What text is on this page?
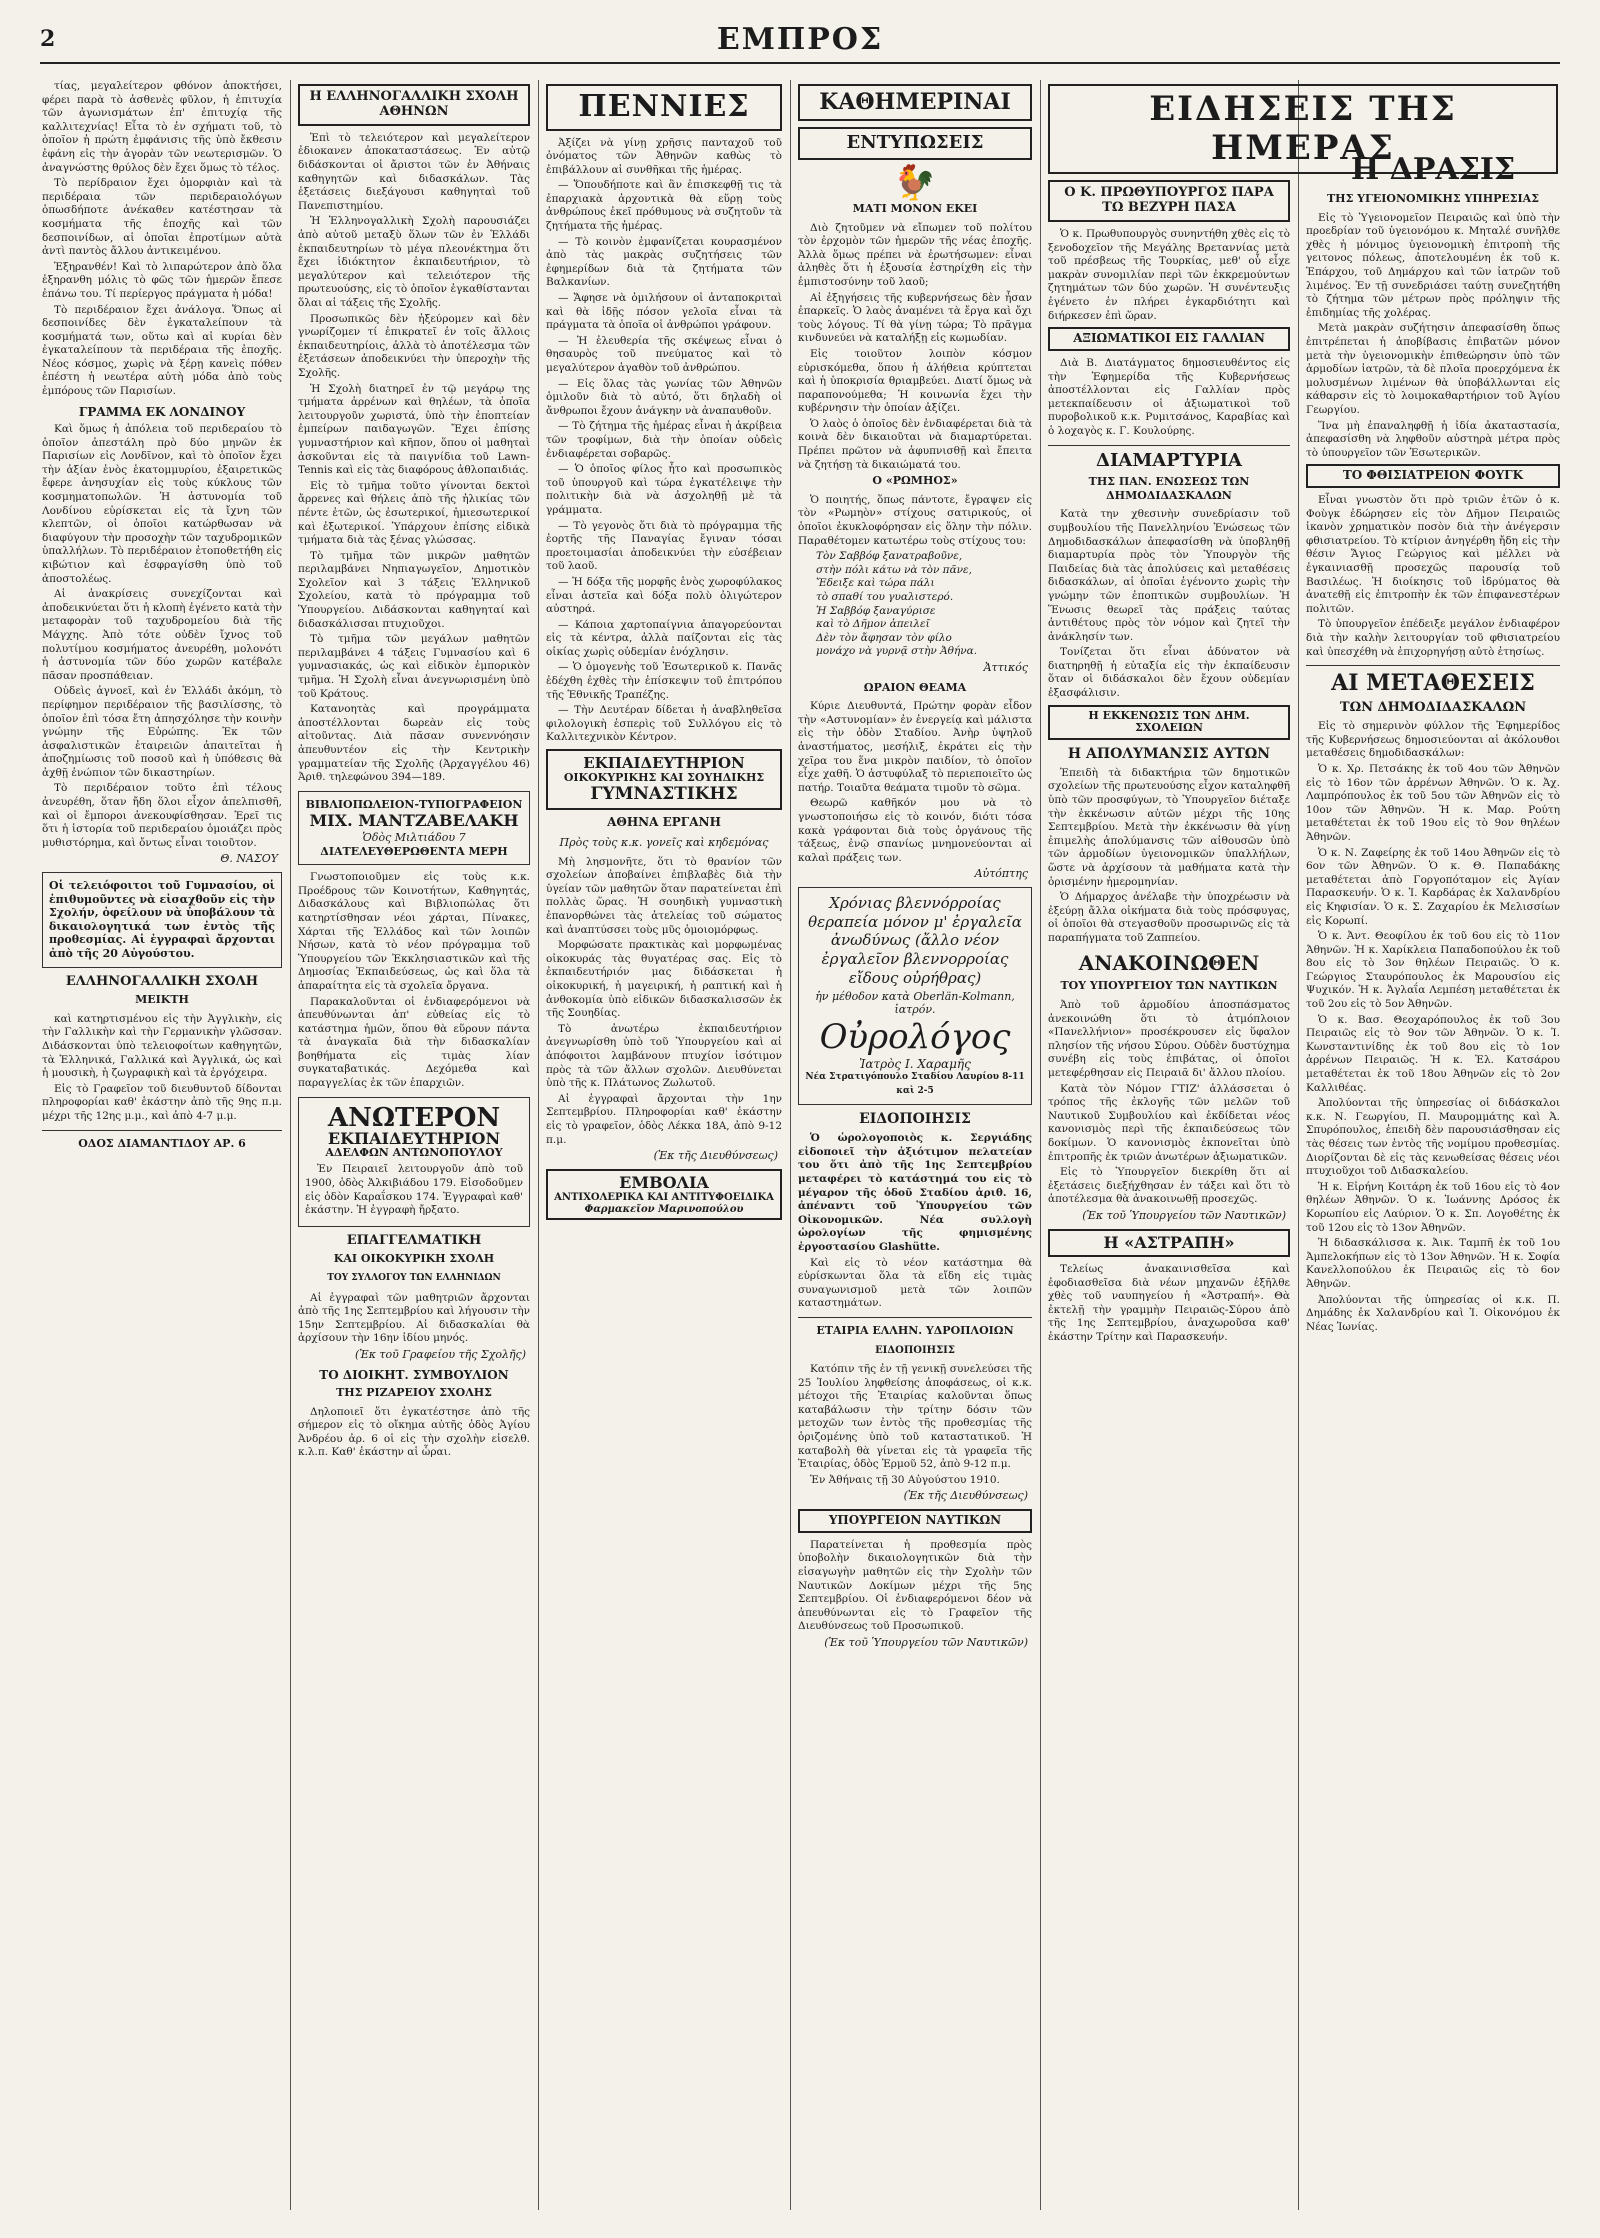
2	ΕΜΠΡΟΣ

τίας, μεγαλείτερον φθόνον ἀποκτήσει, φέρει παρὰ τὸ ἀσθενὲς φῦλον, ἡ ἐπιτυχία τῶν ἀγωνισμάτων ἐπ' ἐπιτυχίᾳ τῆς καλλιτεχνίας! Εἶτα τὸ ἐν σχήματι τοῦ, τὸ ὁποῖον ἡ πρώτη ἐμφάνισις τῆς ὑπὸ ἔκθεσιν ἐφάνη εἰς τὴν ἀγορὰν τῶν νεωτερισμῶν. Ὁ ἀναγνώστης θρύλος δὲν ἔχει ὅμως τὸ τέλος.

Τὸ περίδραιον ἔχει ὁμορφιὰν καὶ τὰ περιδέραια τῶν περιδεραιολόγων ὁπωσδήποτε ἀνέκαθεν κατέστησαν τὰ κοσμήματα τῆς ἐποχῆς καὶ τῶν δεσποινίδων, αἱ ὁποῖαι ἐπροτίμων αὐτὰ ἀντὶ παντὸς ἄλλου ἀντικειμένου.

Ἐξηρανθέν! Καὶ τὸ λιπαρώτερον ἀπὸ ὅλα ἐξηρανθη μόλις τὸ φῶς τῶν ἡμερῶν ἔπεσε ἐπάνω του. Τί περίεργος πράγματα ἡ μόδα!

Τὸ περιδέραιον ἔχει ἀνάλογα. Ὅπως αἱ δεσποινίδες δὲν ἐγκαταλείπουν τὰ κοσμήματά των, οὕτω καὶ αἱ κυρίαι δὲν ἐγκαταλείπουν τὰ περιδέραια τῆς ἐποχῆς. Νέος κόσμος, χωρὶς νὰ ξέρῃ κανεὶς πόθεν ἐπέστη ἡ νεωτέρα αὐτὴ μόδα ἀπὸ τοὺς ἐμπόρους τῶν Παρισίων.

ΓΡΑΜΜΑ ΕΚ ΛΟΝΔΙΝΟΥ

Καὶ ὅμως ἡ ἀπόλεια τοῦ περιδεραίου τὸ ὁποῖον ἀπεστάλη πρὸ δύο μηνῶν ἐκ Παρισίων εἰς Λονδῖνον, καὶ τὸ ὁποῖον ἔχει τὴν ἀξίαν ἑνὸς ἑκατομμυρίου, ἐξαιρετικῶς ἔφερε ἀνησυχίαν εἰς τοὺς κύκλους τῶν κοσμηματοπωλῶν. Ἡ ἀστυνομία τοῦ Λονδίνου εὑρίσκεται εἰς τὰ ἴχνη τῶν κλεπτῶν, οἱ ὁποῖοι κατώρθωσαν νὰ διαφύγουν τὴν προσοχὴν τῶν ταχυδρομικῶν ὑπαλλήλων. Τὸ περιδέραιον ἐτοποθετήθη εἰς κιβώτιον καὶ ἐσφραγίσθη ὑπὸ τοῦ ἀποστολέως.

Αἱ ἀνακρίσεις συνεχίζονται καὶ ἀποδεικνύεται ὅτι ἡ κλοπὴ ἐγένετο κατὰ τὴν μεταφορὰν τοῦ ταχυδρομείου διὰ τῆς Μάγχης. Ἀπὸ τότε οὐδὲν ἴχνος τοῦ πολυτίμου κοσμήματος ἀνευρέθη, μολονότι ἡ ἀστυνομία τῶν δύο χωρῶν κατέβαλε πᾶσαν προσπάθειαν.

Οὐδεὶς ἀγνοεῖ, καὶ ἐν Ἑλλάδι ἀκόμη, τὸ περίφημον περιδέραιον τῆς βασιλίσσης, τὸ ὁποῖον ἐπὶ τόσα ἔτη ἀπησχόλησε τὴν κοινὴν γνώμην τῆς Εὐρώπης. Ἐκ τῶν ἀσφαλιστικῶν ἑταιρειῶν ἀπαιτεῖται ἡ ἀποζημίωσις τοῦ ποσοῦ καὶ ἡ ὑπόθεσις θὰ ἀχθῇ ἐνώπιον τῶν δικαστηρίων.

Τὸ περιδέραιον τοῦτο ἐπὶ τέλους ἀνευρέθη, ὅταν ἤδη ὅλοι εἶχον ἀπελπισθῆ, καὶ οἱ ἔμποροι ἀνεκουφίσθησαν. Ἐρεῖ τις ὅτι ἡ ἱστορία τοῦ περιδεραίου ὁμοιάζει πρὸς μυθιστόρημα, καὶ ὄντως εἶναι τοιοῦτον.

Θ. ΝΑΣΟΥ
Οἱ τελειόφοιτοι τοῦ Γυμνασίου, οἱ ἐπιθυμοῦντες νὰ εἰσαχθοῦν εἰς τὴν Σχολήν, ὀφείλουν νὰ ὑποβάλουν τὰ δικαιολογητικά των ἐντὸς τῆς προθεσμίας. Αἱ ἐγγραφαὶ ἄρχονται ἀπὸ τῆς 20 Αὐγούστου.
ΕΛΛΗΝΟΓΑΛΛΙΚΗ ΣΧΟΛΗ
ΜΕΙΚΤΗ

καὶ κατηρτισμένου εἰς τὴν Ἀγγλικὴν, εἰς τὴν Γαλλικὴν καὶ τὴν Γερμανικὴν γλῶσσαν. Διδάσκονται ὑπὸ τελειοφοίτων καθηγητῶν, τὰ Ἑλληνικά, Γαλλικά καὶ Ἀγγλικά, ὡς καὶ ἡ μουσικὴ, ἡ ζωγραφικὴ καὶ τὰ ἐργόχειρα.

Εἰς τὸ Γραφεῖον τοῦ διευθυντοῦ δίδονται πληροφορίαι καθ' ἑκάστην ἀπὸ τῆς 9ης π.μ. μέχρι τῆς 12ης μ.μ., καὶ ἀπὸ 4-7 μ.μ.

ΟΔΟΣ ΔΙΑΜΑΝΤΙΔΟΥ ΑΡ. 6
Η ΕΛΛΗΝΟΓΑΛΛΙΚΗ ΣΧΟΛΗ ΑΘΗΝΩΝ

Ἐπὶ τὸ τελειότερον καὶ μεγαλείτερον ἐδιοκανεν ἀποκαταστάσεως. Ἐν αὐτῷ διδάσκονται οἱ ἄριστοι τῶν ἐν Ἀθήναις καθηγητῶν καὶ διδασκάλων. Τὰς ἐξετάσεις διεξάγουσι καθηγηταὶ τοῦ Πανεπιστημίου.

Ἡ Ἑλληνογαλλικὴ Σχολὴ παρουσιάζει ἀπὸ αὐτοῦ μεταξὺ ὅλων τῶν ἐν Ἑλλάδι ἐκπαιδευτηρίων τὸ μέγα πλεονέκτημα ὅτι ἔχει ἰδιόκτητον ἐκπαιδευτήριον, τὸ μεγαλύτερον καὶ τελειότερον τῆς πρωτευούσης, εἰς τὸ ὁποῖον ἐγκαθίστανται ὅλαι αἱ τάξεις τῆς Σχολῆς.

Προσωπικῶς δὲν ἠξεύρομεν καὶ δὲν γνωρίζομεν τί ἐπικρατεῖ ἐν τοῖς ἄλλοις ἐκπαιδευτηρίοις, ἀλλὰ τὸ ἀποτέλεσμα τῶν ἐξετάσεων ἀποδεικνύει τὴν ὑπεροχὴν τῆς Σχολῆς.

Ἡ Σχολὴ διατηρεῖ ἐν τῷ μεγάρῳ της τμήματα ἀρρένων καὶ θηλέων, τὰ ὁποῖα λειτουργοῦν χωριστά, ὑπὸ τὴν ἐποπτείαν ἐμπείρων παιδαγωγῶν. Ἔχει ἐπίσης γυμναστήριον καὶ κῆπον, ὅπου οἱ μαθηταὶ ἀσκοῦνται εἰς τὰ παιγνίδια τοῦ Lawn-Tennis καὶ εἰς τὰς διαφόρους ἀθλοπαιδιάς.

Εἰς τὸ τμῆμα τοῦτο γίνονται δεκτοὶ ἄρρενες καὶ θήλεις ἀπὸ τῆς ἡλικίας τῶν πέντε ἐτῶν, ὡς ἐσωτερικοί, ἡμιεσωτερικοί καὶ ἐξωτερικοί. Ὑπάρχουν ἐπίσης εἰδικὰ τμήματα διὰ τὰς ξένας γλώσσας.

Τὸ τμῆμα τῶν μικρῶν μαθητῶν περιλαμβάνει Νηπιαγωγεῖον, Δημοτικὸν Σχολεῖον καὶ 3 τάξεις Ἑλληνικοῦ Σχολείου, κατὰ τὸ πρόγραμμα τοῦ Ὑπουργείου. Διδάσκονται καθηγηταί καὶ διδασκάλισσαι πτυχιοῦχοι.

Τὸ τμῆμα τῶν μεγάλων μαθητῶν περιλαμβάνει 4 τάξεις Γυμνασίου καὶ 6 γυμνασιακάς, ὡς καὶ εἰδικὸν ἐμπορικὸν τμῆμα. Ἡ Σχολὴ εἶναι ἀνεγνωρισμένη ὑπὸ τοῦ Κράτους.

Κατανοητὰς καὶ προγράμματα ἀποστέλλονται δωρεὰν εἰς τοὺς αἰτοῦντας. Διὰ πᾶσαν συνεννόησιν ἀπευθυντέον εἰς τὴν Κεντρικὴν γραμματείαν τῆς Σχολῆς (Ἀρχαγγέλου 46) Ἀριθ. τηλεφώνου 394—189.

ΒΙΒΛΙΟΠΩΛΕΙΟΝ-ΤΥΠΟΓΡΑΦΕΙΟΝ
ΜΙΧ. ΜΑΝΤΖΑΒΕΛΑΚΗ
Ὁδὸς Μιλτιάδου 7
ΔΙΑΤΕΛΕΥΘΕΡΩΘΕΝΤΑ ΜΕΡΗ

Γνωστοποιοῦμεν εἰς τοὺς κ.κ. Προέδρους τῶν Κοινοτήτων, Καθηγητάς, Διδασκάλους καὶ Βιβλιοπώλας ὅτι κατηρτίσθησαν νέοι χάρται, Πίνακες, Χάρται τῆς Ἑλλάδος καὶ τῶν λοιπῶν Νήσων, κατὰ τὸ νέον πρόγραμμα τοῦ Ὑπουργείου τῶν Ἐκκλησιαστικῶν καὶ τῆς Δημοσίας Ἐκπαιδεύσεως, ὡς καὶ ὅλα τὰ ἀπαραίτητα εἰς τὰ σχολεῖα ὄργανα.

Παρακαλοῦνται οἱ ἐνδιαφερόμενοι νὰ ἀπευθύνωνται ἀπ' εὐθείας εἰς τὸ κατάστημα ἡμῶν, ὅπου θὰ εὕρουν πάντα τὰ ἀναγκαῖα διὰ τὴν διδασκαλίαν βοηθήματα εἰς τιμὰς λίαν συγκαταβατικάς. Δεχόμεθα καὶ παραγγελίας ἐκ τῶν ἐπαρχιῶν.

ΑΝΩΤΕΡΟΝ
ΕΚΠΑΙΔΕΥΤΗΡΙΟΝ
ΑΔΕΛΦΩΝ ΑΝΤΩΝΟΠΟΥΛΟΥ

Ἐν Πειραιεῖ λειτουργοῦν ἀπὸ τοῦ 1900, ὁδὸς Ἀλκιβιάδου 179. Εἰσοδοῦμεν εἰς ὁδὸν Καραΐσκου 174. Ἐγγραφαὶ καθ' ἑκάστην. Ἡ ἐγγραφὴ ἤρξατο.

ΕΠΑΓΓΕΛΜΑΤΙΚΗ
ΚΑΙ ΟΙΚΟΚΥΡΙΚΗ ΣΧΟΛΗ
ΤΟΥ ΣΥΛΛΟΓΟΥ ΤΩΝ ΕΛΛΗΝΙΔΩΝ

Αἱ ἐγγραφαὶ τῶν μαθητριῶν ἄρχονται ἀπὸ τῆς 1ης Σεπτεμβρίου καὶ λήγουσιν τὴν 15ην Σεπτεμβρίου. Αἱ διδασκαλίαι θὰ ἀρχίσουν τὴν 16ην ἰδίου μηνός.

(Ἐκ τοῦ Γραφείου τῆς Σχολῆς)
ΤΟ ΔΙΟΙΚΗΤ. ΣΥΜΒΟΥΛΙΟΝ
ΤΗΣ ΡΙΖΑΡΕΙΟΥ ΣΧΟΛΗΣ

Δηλοποιεῖ ὅτι ἐγκατέστησε ἀπὸ τῆς σήμερον εἰς τὸ οἴκημα αὐτῆς ὁδὸς Ἀγίου Ἀνδρέου ἀρ. 6 οἱ εἰς τὴν σχολὴν εἰσελθ. κ.λ.π. Καθ' ἑκάστην αἱ ὧραι.

ΠΕΝΝΙΕΣ

Ἀξίζει νὰ γίνῃ χρῆσις πανταχοῦ τοῦ ὀνόματος τῶν Ἀθηνῶν καθὼς τὸ ἐπιβάλλουν αἱ συνθῆκαι τῆς ἡμέρας.

— Ὅπουδήποτε καὶ ἂν ἐπισκεφθῇ τις τὰ ἐπαρχιακὰ ἀρχοντικὰ θὰ εὕρῃ τοὺς ἀνθρώπους ἐκεῖ πρόθυμους νὰ συζητοῦν τὰ ζητήματα τῆς ἡμέρας.

— Τὸ κοινὸν ἐμφανίζεται κουρασμένον ἀπὸ τὰς μακρὰς συζητήσεις τῶν ἐφημερίδων διὰ τὰ ζητήματα τῶν Βαλκανίων.

— Ἄφησε νὰ ὁμιλήσουν οἱ ἀνταποκριταὶ καὶ θὰ ἰδῇς πόσον γελοῖα εἶναι τὰ πράγματα τὰ ὁποῖα οἱ ἀνθρώποι γράφουν.

— Ἡ ἐλευθερία τῆς σκέψεως εἶναι ὁ θησαυρὸς τοῦ πνεύματος καὶ τὸ μεγαλύτερον ἀγαθὸν τοῦ ἀνθρώπου.

— Εἰς ὅλας τὰς γωνίας τῶν Ἀθηνῶν ὁμιλοῦν διὰ τὸ αὐτό, ὅτι δηλαδὴ οἱ ἄνθρωποι ἔχουν ἀνάγκην νὰ ἀναπαυθοῦν.

— Τὸ ζήτημα τῆς ἡμέρας εἶναι ἡ ἀκρίβεια τῶν τροφίμων, διὰ τὴν ὁποίαν οὐδεὶς ἐνδιαφέρεται σοβαρῶς.

— Ὁ ὁποῖος φίλος ἦτο καὶ προσωπικὸς τοῦ ὑπουργοῦ καὶ τώρα ἐγκατέλειψε τὴν πολιτικὴν διὰ νὰ ἀσχοληθῇ μὲ τὰ γράμματα.

— Τὸ γεγονὸς ὅτι διὰ τὸ πρόγραμμα τῆς ἑορτῆς τῆς Παναγίας ἔγιναν τόσαι προετοιμασίαι ἀποδεικνύει τὴν εὐσέβειαν τοῦ λαοῦ.

— Ἡ δόξα τῆς μορφῆς ἑνὸς χωροφύλακος εἶναι ἀστεῖα καὶ δόξα πολὺ ὀλιγώτερον αὐστηρά.

— Κάποια χαρτοπαίγνια ἀπαγορεύονται εἰς τὰ κέντρα, ἀλλὰ παίζονται εἰς τὰς οἰκίας χωρὶς οὐδεμίαν ἐνόχλησιν.

— Ὁ ὁμογενὴς τοῦ Ἐσωτερικοῦ κ. Πανᾶς ἐδέχθη ἐχθὲς τὴν ἐπίσκεψιν τοῦ ἐπιτρόπου τῆς Ἐθνικῆς Τραπέζης.

— Τὴν Δευτέραν δίδεται ἡ ἀναβληθεῖσα φιλολογικὴ ἑσπερὶς τοῦ Συλλόγου εἰς τὸ Καλλιτεχνικὸν Κέντρον.

ΕΚΠΑΙΔΕΥΤΗΡΙΟΝ
ΟΙΚΟΚΥΡΙΚΗΣ ΚΑΙ ΣΟΥΗΔΙΚΗΣ
ΓΥΜΝΑΣΤΙΚΗΣ
ΑΘΗΝΑ ΕΡΓΑΝΗ
Πρὸς τοὺς κ.κ. γονεῖς καὶ κηδεμόνας

Μὴ λησμονῆτε, ὅτι τὸ θρανίον τῶν σχολείων ἀποβαίνει ἐπιβλαβὲς διὰ τὴν ὑγείαν τῶν μαθητῶν ὅταν παρατείνεται ἐπὶ πολλὰς ὥρας. Ἡ σουηδικὴ γυμναστικὴ ἐπανορθώνει τὰς ἀτελείας τοῦ σώματος καὶ ἀναπτύσσει τοὺς μῦς ὁμοιομόρφως.

Μορφώσατε πρακτικὰς καὶ μορφωμένας οἰκοκυράς τὰς θυγατέρας σας. Εἰς τὸ ἐκπαιδευτήριόν μας διδάσκεται ἡ οἰκοκυρική, ἡ μαγειρική, ἡ ραπτική καὶ ἡ ἀνθοκομία ὑπὸ εἰδικῶν διδασκαλισσῶν ἐκ τῆς Σουηδίας.

Τὸ ἀνωτέρω ἐκπαιδευτήριον ἀνεγνωρίσθη ὑπὸ τοῦ Ὑπουργείου καὶ αἱ ἀπόφοιτοι λαμβάνουν πτυχίον ἰσότιμον πρὸς τὰ τῶν ἄλλων σχολῶν. Διευθύνεται ὑπὸ τῆς κ. Πλάτωνος Ζωλωτοῦ.

Αἱ ἐγγραφαὶ ἄρχονται τὴν 1ην Σεπτεμβρίου. Πληροφορίαι καθ' ἑκάστην εἰς τὸ γραφεῖον, ὁδὸς Λέκκα 18Α, ἀπὸ 9-12 π.μ.

(Ἐκ τῆς Διευθύνσεως)
ΕΜΒΟΛΙΑ
ΑΝΤΙΧΟΛΕΡΙΚΑ ΚΑΙ ΑΝΤΙΤΥΦΟΕΙΔΙΚΑ
Φαρμακεῖον Μαρινοπούλου
ΚΑΘΗΜΕΡΙΝΑΙ
ΕΝΤΥΠΩΣΕΙΣ
🐓
ΜΑΤΙ ΜΟΝΟΝ ΕΚΕΙ

Διὸ ζητοῦμεν νὰ εἴπωμεν τοῦ πολίτου τὸν ἐρχομὸν τῶν ἡμερῶν τῆς νέας ἐποχῆς. Ἀλλὰ ὅμως πρέπει νὰ ἐρωτήσωμεν: εἶναι ἀληθὲς ὅτι ἡ ἐξουσία ἐστηρίχθη εἰς τὴν ἐμπιστοσύνην τοῦ λαοῦ;

Αἱ ἐξηγήσεις τῆς κυβερνήσεως δὲν ἦσαν ἐπαρκεῖς. Ὁ λαὸς ἀναμένει τὰ ἔργα καὶ ὄχι τοὺς λόγους. Τί θὰ γίνῃ τώρα; Τὸ πρᾶγμα κινδυνεύει νὰ καταλήξῃ εἰς κωμωδίαν.

Εἰς τοιοῦτον λοιπὸν κόσμον εὑρισκόμεθα, ὅπου ἡ ἀλήθεια κρύπτεται καὶ ἡ ὑποκρισία θριαμβεύει. Διατί ὅμως νὰ παραπονούμεθα; Ἡ κοινωνία ἔχει τὴν κυβέρνησιν τὴν ὁποίαν ἀξίζει.

Ὁ λαὸς ὁ ὁποῖος δὲν ἐνδιαφέρεται διὰ τὰ κοινὰ δὲν δικαιοῦται νὰ διαμαρτύρεται. Πρέπει πρῶτον νὰ ἀφυπνισθῇ καὶ ἔπειτα νὰ ζητήσῃ τὰ δικαιώματά του.

Ο «ΡΩΜΗΟΣ»

Ὁ ποιητής, ὅπως πάντοτε, ἔγραψεν εἰς τὸν «Ρωμηὸν» στίχους σατιρικούς, οἱ ὁποῖοι ἐκυκλοφόρησαν εἰς ὅλην τὴν πόλιν. Παραθέτομεν κατωτέρω τοὺς στίχους του:

Τὸν Σαββόφ ξανατραβοῦνε,
στὴν πόλι κάτω νὰ τὸν πᾶνε,
Ἔδειξε καὶ τώρα πάλι
τὸ σπαθί του γυαλιστερό.
Ἡ Σαββόφ ξαναγύρισε
καὶ τὸ Δῆμον ἀπειλεῖ
Δὲν τὸν ἄφησαν τὸν φίλο
μονάχο νὰ γυρνᾷ στὴν Ἀθήνα.
Ἀττικός
ΩΡΑΙΟΝ ΘΕΑΜΑ

Κύριε Διευθυντά, Πρώτην φορὰν εἶδον τὴν «Αστυνομίαν» ἐν ἐνεργείᾳ καὶ μάλιστα εἰς τὴν ὁδὸν Σταδίου. Ἀνὴρ ὑψηλοῦ ἀναστήματος, μεσήλιξ, ἐκράτει εἰς τὴν χεῖρα του ἕνα μικρὸν παιδίον, τὸ ὁποῖον εἶχε χαθῆ. Ὁ ἀστυφύλαξ τὸ περιεποιεῖτο ὡς πατήρ. Τοιαῦτα θεάματα τιμοῦν τὸ σῶμα.

Θεωρῶ καθῆκόν μου νὰ τὸ γνωστοποιήσω εἰς τὸ κοινόν, διότι τόσα κακὰ γράφονται διὰ τοὺς ὀργάνους τῆς τάξεως, ἐνῷ σπανίως μνημονεύονται αἱ καλαὶ πράξεις των.

Αὐτόπτης
Χρόνιας βλεννόρροίας θεραπεία μόνον μ' ἐργαλεῖα ἀνωδύνως (ἄλλο νέον ἐργαλεῖον βλεννορροίας εἴδους οὐρήθρας)
ἡν μέθοδον κατὰ Oberlän-Kolmann, ἰατρόν.
Οὐρολόγος
Ἰατρὸς Ι. Χαραμῆς
Νέα Στρατιγόπουλο Σταδίου Λαυρίου 8-11 καὶ 2-5
ΕΙΔΟΠΟΙΗΣΙΣ

Ὁ ὡρολογοποιὸς κ. Σεργιάδης εἰδοποιεῖ τὴν ἀξιότιμον πελατείαν του ὅτι ἀπὸ τῆς 1ης Σεπτεμβρίου μεταφέρει τὸ κατάστημά του εἰς τὸ μέγαρον τῆς ὁδοῦ Σταδίου ἀριθ. 16, ἀπέναντι τοῦ Ὑπουργείου τῶν Οἰκονομικῶν. Νέα συλλογὴ ὡρολογίων τῆς φημισμένης ἐργοστασίου Glashütte.

Καὶ εἰς τὸ νέον κατάστημα θὰ εὑρίσκωνται ὅλα τὰ εἴδη εἰς τιμὰς συναγωνισμοῦ μετὰ τῶν λοιπῶν καταστημάτων.

ΕΤΑΙΡΙΑ ΕΛΛΗΝ. ΥΔΡΟΠΛΟΙΩΝ
ΕΙΔΟΠΟΙΗΣΙΣ

Κατόπιν τῆς ἐν τῇ γενικῇ συνελεύσει τῆς 25 Ἰουλίου ληφθείσης ἀποφάσεως, οἱ κ.κ. μέτοχοι τῆς Ἑταιρίας καλοῦνται ὅπως καταβάλωσιν τὴν τρίτην δόσιν τῶν μετοχῶν των ἐντὸς τῆς προθεσμίας τῆς ὁριζομένης ὑπὸ τοῦ καταστατικοῦ. Ἡ καταβολὴ θὰ γίνεται εἰς τὰ γραφεῖα τῆς Ἑταιρίας, ὁδὸς Ἑρμοῦ 52, ἀπὸ 9-12 π.μ.

Ἐν Ἀθήναις τῇ 30 Αὐγούστου 1910.

(Ἐκ τῆς Διευθύνσεως)
ΥΠΟΥΡΓΕΙΟΝ ΝΑΥΤΙΚΩΝ

Παρατείνεται ἡ προθεσμία πρὸς ὑποβολὴν δικαιολογητικῶν διὰ τὴν εἰσαγωγὴν μαθητῶν εἰς τὴν Σχολὴν τῶν Ναυτικῶν Δοκίμων μέχρι τῆς 5ης Σεπτεμβρίου. Οἱ ἐνδιαφερόμενοι δέον νὰ ἀπευθύνωνται εἰς τὸ Γραφεῖον τῆς Διευθύνσεως τοῦ Προσωπικοῦ.

(Ἐκ τοῦ Ὑπουργείου τῶν Ναυτικῶν)
ΕΙΔΗΣΕΙΣ ΤΗΣ ΗΜΕΡΑΣ
Ο Κ. ΠΡΩΘΥΠΟΥΡΓΟΣ ΠΑΡΑ ΤΩ ΒΕΖΥΡΗ ΠΑΣΑ

Ὁ κ. Πρωθυπουργὸς συνηντήθη χθὲς εἰς τὸ ξενοδοχεῖον τῆς Μεγάλης Βρεταννίας μετὰ τοῦ πρέσβεως τῆς Τουρκίας, μεθ' οὗ εἶχε μακρὰν συνομιλίαν περὶ τῶν ἐκκρεμούντων ζητημάτων τῶν δύο χωρῶν. Ἡ συνέντευξις ἐγένετο ἐν πλήρει ἐγκαρδιότητι καὶ διήρκεσεν ἐπὶ ὥραν.

ΑΞΙΩΜΑΤΙΚΟΙ ΕΙΣ ΓΑΛΛΙΑΝ

Διὰ Β. Διατάγματος δημοσιευθέντος εἰς τὴν Ἐφημερίδα τῆς Κυβερνήσεως ἀποστέλλονται εἰς Γαλλίαν πρὸς μετεκπαίδευσιν οἱ ἀξιωματικοὶ τοῦ πυροβολικοῦ κ.κ. Ρυμιτσάνος, Καραβίας καὶ ὁ λοχαγὸς κ. Γ. Κουλούρης.

ΔΙΑΜΑΡΤΥΡΙΑ
ΤΗΣ ΠΑΝ. ΕΝΩΣΕΩΣ ΤΩΝ ΔΗΜΟΔΙΔΑΣΚΑΛΩΝ

Κατὰ την χθεσινὴν συνεδρίασιν τοῦ συμβουλίου τῆς Πανελληνίου Ἑνώσεως τῶν Δημοδιδασκάλων ἀπεφασίσθη νὰ ὑποβληθῇ διαμαρτυρία πρὸς τὸν Ὑπουργὸν τῆς Παιδείας διὰ τὰς ἀπολύσεις καὶ μεταθέσεις διδασκάλων, αἱ ὁποῖαι ἐγένοντο χωρὶς τὴν γνώμην τῶν ἐποπτικῶν συμβουλίων. Ἡ Ἕνωσις θεωρεῖ τὰς πράξεις ταύτας ἀντιθέτους πρὸς τὸν νόμον καὶ ζητεῖ τὴν ἀνάκλησίν των.

Τονίζεται ὅτι εἶναι ἀδύνατον νὰ διατηρηθῇ ἡ εὐταξία εἰς τὴν ἐκπαίδευσιν ὅταν οἱ διδάσκαλοι δὲν ἔχουν οὐδεμίαν ἐξασφάλισιν.

Η ΕΚΚΕΝΩΣΙΣ ΤΩΝ ΔΗΜ. ΣΧΟΛΕΙΩΝ
Η ΑΠΟΛΥΜΑΝΣΙΣ ΑΥΤΩΝ

Ἐπειδὴ τὰ διδακτήρια τῶν δημοτικῶν σχολείων τῆς πρωτευούσης εἶχον καταληφθῆ ὑπὸ τῶν προσφύγων, τὸ Ὑπουργεῖον διέταξε τὴν ἐκκένωσιν αὐτῶν μέχρι τῆς 10ης Σεπτεμβρίου. Μετὰ τὴν ἐκκένωσιν θὰ γίνῃ ἐπιμελὴς ἀπολύμανσις τῶν αἰθουσῶν ὑπὸ τῶν ἁρμοδίων ὑγειονομικῶν ὑπαλλήλων, ὥστε νὰ ἀρχίσουν τὰ μαθήματα κατὰ τὴν ὁρισμένην ἡμερομηνίαν.

Ὁ Δήμαρχος ἀνέλαβε τὴν ὑποχρέωσιν νὰ ἐξεύρῃ ἄλλα οἰκήματα διὰ τοὺς πρόσφυγας, οἱ ὁποῖοι θὰ στεγασθοῦν προσωρινῶς εἰς τὰ παραπήγματα τοῦ Ζαππείου.

ΑΝΑΚΟΙΝΩΘΕΝ
ΤΟΥ ΥΠΟΥΡΓΕΙΟΥ ΤΩΝ ΝΑΥΤΙΚΩΝ

Ἀπὸ τοῦ ἀρμοδίου ἀποσπάσματος ἀνεκοινώθη ὅτι τὸ ἀτμόπλοιον «Πανελλήνιον» προσέκρουσεν εἰς ὕφαλον πλησίον τῆς νήσου Σύρου. Οὐδὲν δυστύχημα συνέβη εἰς τοὺς ἐπιβάτας, οἱ ὁποῖοι μετεφέρθησαν εἰς Πειραιᾶ δι' ἄλλου πλοίου.

Κατὰ τὸν Νόμον ΓΤΙΖ' ἀλλάσσεται ὁ τρόπος τῆς ἐκλογῆς τῶν μελῶν τοῦ Ναυτικοῦ Συμβουλίου καὶ ἐκδίδεται νέος κανονισμὸς περὶ τῆς ἐκπαιδεύσεως τῶν δοκίμων. Ὁ κανονισμὸς ἐκπονεῖται ὑπὸ ἐπιτροπῆς ἐκ τριῶν ἀνωτέρων ἀξιωματικῶν.

Εἰς τὸ Ὑπουργεῖον διεκρίθη ὅτι αἱ ἐξετάσεις διεξήχθησαν ἐν τάξει καὶ ὅτι τὸ ἀποτέλεσμα θὰ ἀνακοινωθῇ προσεχῶς.

(Ἐκ τοῦ Ὑπουργείου τῶν Ναυτικῶν)
Η «ΑΣΤΡΑΠΗ»

Τελείως ἀνακαινισθεῖσα καὶ ἐφοδιασθεῖσα διὰ νέων μηχανῶν ἐξῆλθε χθὲς τοῦ ναυπηγείου ἡ «Ἀστραπή». Θὰ ἐκτελῇ τὴν γραμμὴν Πειραιῶς-Σύρου ἀπὸ τῆς 1ης Σεπτεμβρίου, ἀναχωροῦσα καθ' ἑκάστην Τρίτην καὶ Παρασκευήν.

Η ΔΡΑΣΙΣ
ΤΗΣ ΥΓΕΙΟΝΟΜΙΚΗΣ ΥΠΗΡΕΣΙΑΣ

Εἰς τὸ Ὑγειονομεῖον Πειραιῶς καὶ ὑπὸ τὴν προεδρίαν τοῦ ὑγειονόμου κ. Μηταλέ συνῆλθε χθὲς ἡ μόνιμος ὑγειονομικὴ ἐπιτροπὴ τῆς γειτονος πόλεως, ἀποτελουμένη ἐκ τοῦ κ. Ἐπάρχου, τοῦ Δημάρχου καὶ τῶν ἰατρῶν τοῦ λιμένος. Ἐν τῇ συνεδριάσει ταύτῃ συνεζητήθη τὸ ζήτημα τῶν μέτρων πρὸς πρόληψιν τῆς ἐπιδημίας τῆς χολέρας.

Μετὰ μακρὰν συζήτησιν ἀπεφασίσθη ὅπως ἐπιτρέπεται ἡ ἀποβίβασις ἐπιβατῶν μόνον μετὰ τὴν ὑγειονομικὴν ἐπιθεώρησιν ὑπὸ τῶν ἁρμοδίων ἰατρῶν, τὰ δὲ πλοῖα προερχόμενα ἐκ μολυσμένων λιμένων θὰ ὑποβάλλωνται εἰς κάθαρσιν εἰς τὸ λοιμοκαθαρτήριον τοῦ Ἁγίου Γεωργίου.

Ἵνα μὴ ἐπαναληφθῇ ἡ ἰδία ἀκαταστασία, ἀπεφασίσθη νὰ ληφθοῦν αὐστηρὰ μέτρα πρὸς τὸ ὑπουργεῖον τῶν Ἐσωτερικῶν.

ΤΟ ΦΘΙΣΙΑΤΡΕΙΟΝ ΦΟΥΓΚ

Εἶναι γνωστὸν ὅτι πρὸ τριῶν ἐτῶν ὁ κ. Φοὺγκ ἐδώρησεν εἰς τὸν Δῆμον Πειραιῶς ἱκανὸν χρηματικὸν ποσὸν διὰ τὴν ἀνέγερσιν φθισιατρείου. Τὸ κτίριον ἀνηγέρθη ἤδη εἰς τὴν θέσιν Ἄγιος Γεώργιος καὶ μέλλει νὰ ἐγκαινιασθῇ προσεχῶς παρουσίᾳ τοῦ Βασιλέως. Ἡ διοίκησις τοῦ ἱδρύματος θὰ ἀνατεθῇ εἰς ἐπιτροπὴν ἐκ τῶν ἐπιφανεστέρων πολιτῶν.

Τὸ ὑπουργεῖον ἐπέδειξε μεγάλον ἐνδιαφέρον διὰ τὴν καλὴν λειτουργίαν τοῦ φθισιατρείου καὶ ὑπεσχέθη νὰ ἐπιχορηγήσῃ αὐτὸ ἐτησίως.

ΑΙ ΜΕΤΑΘΕΣΕΙΣ
ΤΩΝ ΔΗΜΟΔΙΔΑΣΚΑΛΩΝ

Εἰς τὸ σημερινὸν φύλλον τῆς Ἐφημερίδος τῆς Κυβερνήσεως δημοσιεύονται αἱ ἀκόλουθοι μεταθέσεις δημοδιδασκάλων:

Ὁ κ. Χρ. Πετσάκης ἐκ τοῦ 4ου τῶν Ἀθηνῶν εἰς τὸ 16ον τῶν ἀρρένων Ἀθηνῶν. Ὁ κ. Ἀχ. Λαμπρόπουλος ἐκ τοῦ 5ου τῶν Ἀθηνῶν εἰς τὸ 10ον τῶν Ἀθηνῶν. Ἡ κ. Μαρ. Ρούτη μεταθέτεται ἐκ τοῦ 19ου εἰς τὸ 9ον θηλέων Ἀθηνῶν.

Ὁ κ. Ν. Ζαφείρης ἐκ τοῦ 14ου Ἀθηνῶν εἰς τὸ 6ον τῶν Ἀθηνῶν. Ὁ κ. Θ. Παπαδάκης μεταθέτεται ἀπὸ Γοργοπόταμον εἰς Ἀγίαν Παρασκευήν. Ὁ κ. Ἰ. Καρδάρας ἐκ Χαλανδρίου εἰς Κηφισίαν. Ὁ κ. Σ. Ζαχαρίου ἐκ Μελισσίων εἰς Κορωπί.

Ὁ κ. Ἀντ. Θεοφίλου ἐκ τοῦ 6ου εἰς τὸ 11ον Ἀθηνῶν. Ἡ κ. Χαρίκλεια Παπαδοπούλου ἐκ τοῦ 8ου εἰς τὸ 3ον θηλέων Πειραιῶς. Ὁ κ. Γεώργιος Σταυρόπουλος ἐκ Μαρουσίου εἰς Ψυχικόν. Ἡ κ. Ἀγλαΐα Λεμπέση μεταθέτεται ἐκ τοῦ 2ου εἰς τὸ 5ον Ἀθηνῶν.

Ὁ κ. Βασ. Θεοχαρόπουλος ἐκ τοῦ 3ου Πειραιῶς εἰς τὸ 9ον τῶν Ἀθηνῶν. Ὁ κ. Ἰ. Κωνσταντινίδης ἐκ τοῦ 8ου εἰς τὸ 1ον ἀρρένων Πειραιῶς. Ἡ κ. Ἑλ. Κατσάρου μεταθέτεται ἐκ τοῦ 18ου Ἀθηνῶν εἰς τὸ 2ον Καλλιθέας.

Ἀπολύονται τῆς ὑπηρεσίας οἱ διδάσκαλοι κ.κ. Ν. Γεωργίου, Π. Μαυρομμάτης καὶ Ἀ. Σπυρόπουλος, ἐπειδὴ δὲν παρουσιάσθησαν εἰς τὰς θέσεις των ἐντὸς τῆς νομίμου προθεσμίας. Διορίζονται δὲ εἰς τὰς κενωθείσας θέσεις νέοι πτυχιοῦχοι τοῦ Διδασκαλείου.

Ἡ κ. Εἰρήνη Κοιτάρη ἐκ τοῦ 16ου εἰς τὸ 4ον θηλέων Ἀθηνῶν. Ὁ κ. Ἰωάννης Δρόσος ἐκ Κορωπίου εἰς Λαύριον. Ὁ κ. Σπ. Λογοθέτης ἐκ τοῦ 12ου εἰς τὸ 13ον Ἀθηνῶν.

Ἡ διδασκάλισσα κ. Ἀικ. Ταμπῆ ἐκ τοῦ 1ου Ἀμπελοκήπων εἰς τὸ 13ον Ἀθηνῶν. Ἡ κ. Σοφία Κανελλοπούλου ἐκ Πειραιῶς εἰς τὸ 6ον Ἀθηνῶν.

Ἀπολύονται τῆς ὑπηρεσίας οἱ κ.κ. Π. Δημάδης ἐκ Χαλανδρίου καὶ Ἰ. Οἰκονόμου ἐκ Νέας Ἰωνίας.
